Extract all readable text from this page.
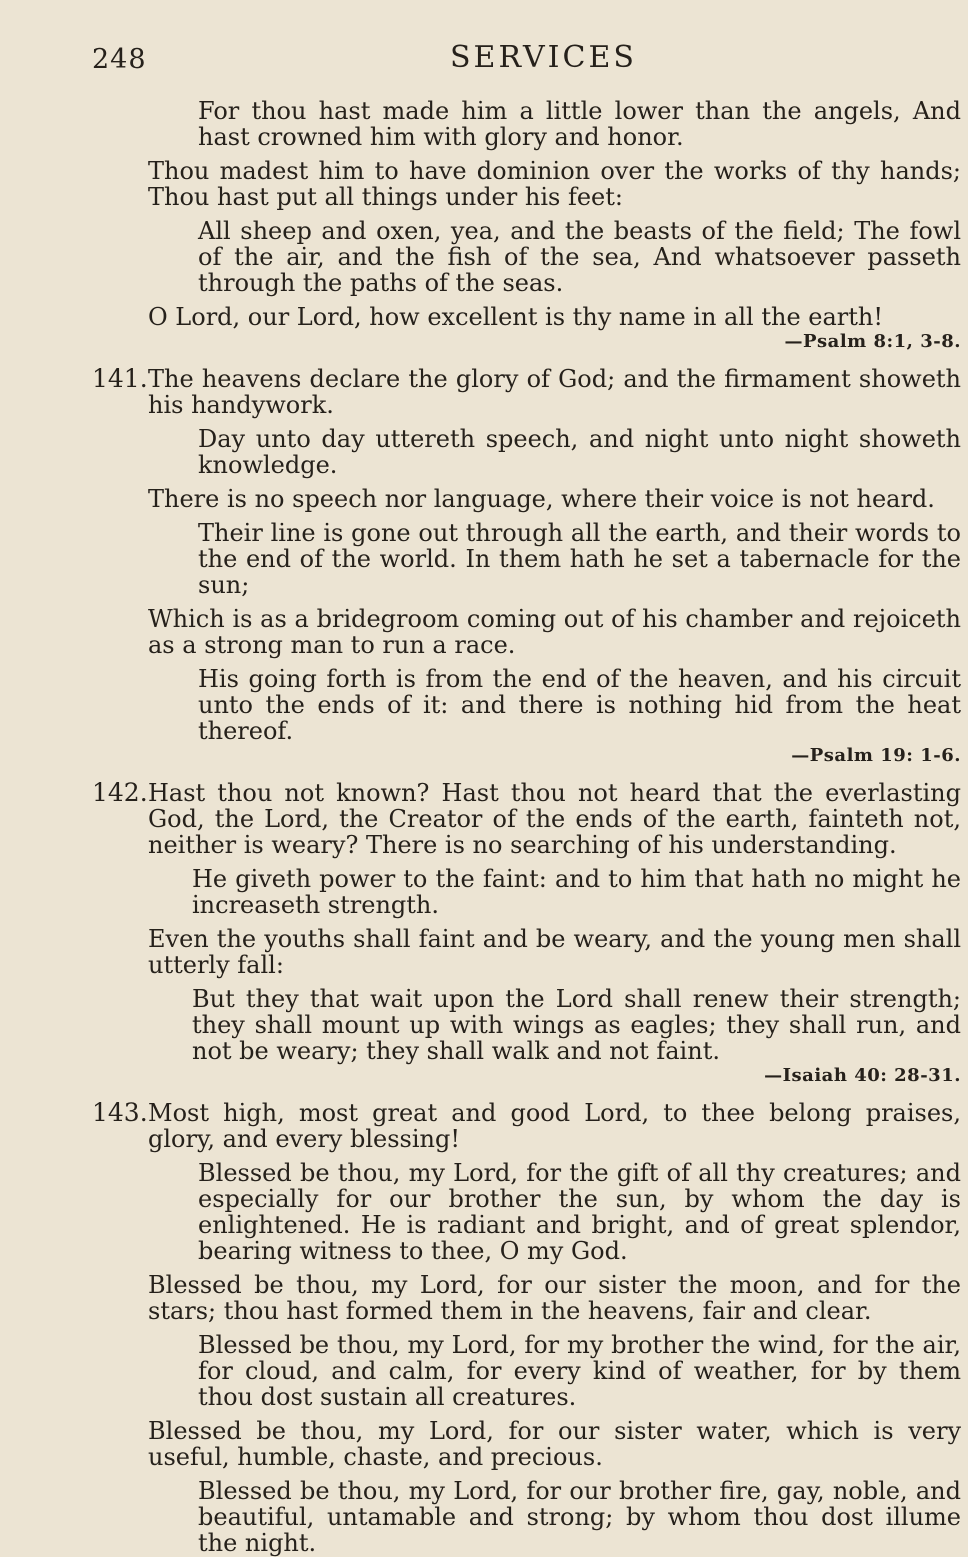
248	SERVICES
For thou hast made him a little lower than the angels, And hast crowned him with glory and honor.
Thou madest him to have dominion over the works of thy hands; Thou hast put all things under his feet:
All sheep and oxen, yea, and the beasts of the field; The fowl of the air, and the fish of the sea, And whatsoever passeth through the paths of the seas.
O Lord, our Lord, how excellent is thy name in all the earth!
—Psalm 8:1, 3-8.
141. The heavens declare the glory of God; and the firmament showeth his handywork.
Day unto day uttereth speech, and night unto night showeth knowledge.
There is no speech nor language, where their voice is not heard.
Their line is gone out through all the earth, and their words to the end of the world. In them hath he set a tabernacle for the sun;
Which is as a bridegroom coming out of his chamber and rejoiceth as a strong man to run a race.
His going forth is from the end of the heaven, and his circuit unto the ends of it: and there is nothing hid from the heat thereof.
—Psalm 19: 1-6.
142. Hast thou not known? Hast thou not heard that the everlasting God, the Lord, the Creator of the ends of the earth, fainteth not, neither is weary? There is no searching of his understanding.
He giveth power to the faint: and to him that hath no might he increaseth strength.
Even the youths shall faint and be weary, and the young men shall utterly fall:
But they that wait upon the Lord shall renew their strength; they shall mount up with wings as eagles; they shall run, and not be weary; they shall walk and not faint.
—Isaiah 40: 28-31.
143. Most high, most great and good Lord, to thee belong praises, glory, and every blessing!
Blessed be thou, my Lord, for the gift of all thy creatures; and especially for our brother the sun, by whom the day is enlightened. He is radiant and bright, and of great splendor, bearing witness to thee, O my God.
Blessed be thou, my Lord, for our sister the moon, and for the stars; thou hast formed them in the heavens, fair and clear.
Blessed be thou, my Lord, for my brother the wind, for the air, for cloud, and calm, for every kind of weather, for by them thou dost sustain all creatures.
Blessed be thou, my Lord, for our sister water, which is very useful, humble, chaste, and precious.
Blessed be thou, my Lord, for our brother fire, gay, noble, and beautiful, untamable and strong; by whom thou dost illume the night.
